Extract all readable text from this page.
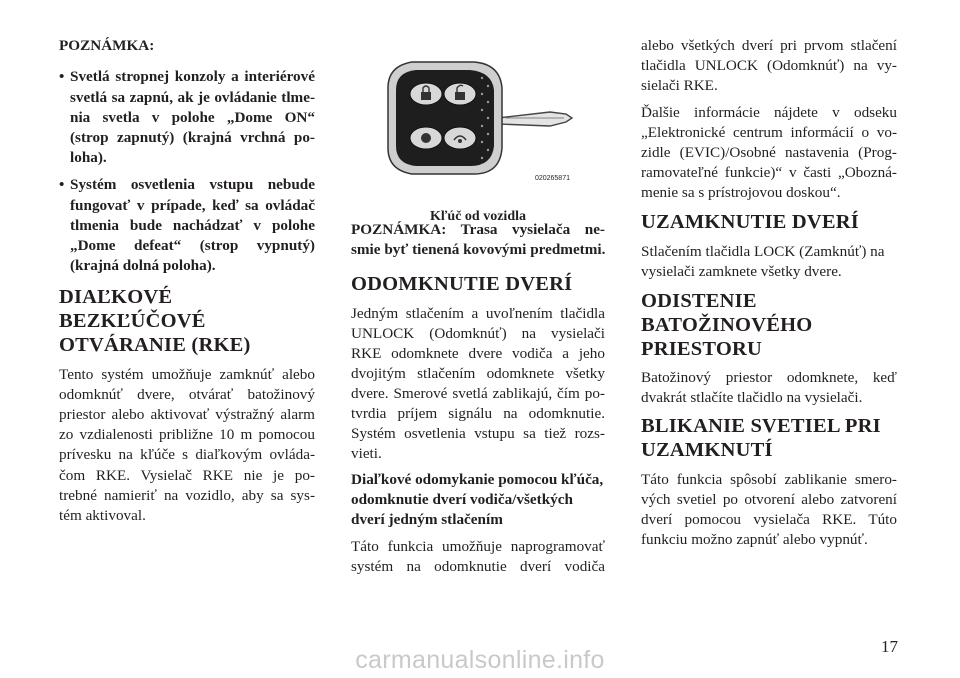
POZNÁMKA:

• Svetlá stropnej konzoly a interiérové

svetlá sa zapnú, ak je ovládanie tlme-

nia svetla v polohe „Dome ON“

(strop zapnutý) (krajná vrchná po-

loha).

• Systém osvetlenia vstupu nebude

fungovať v prípade, keď sa ovládač

tlmenia bude nachádzať v polohe

„Dome defeat“ (strop vypnutý)

(krajná dolná poloha).

DIAĽKOVÉ

BEZKĽÚČOVÉ

OTVÁRANIE (RKE)

Tento systém umožňuje zamknúť alebo

odomknúť dvere, otvárať batožinový

priestor alebo aktivovať výstražný alarm

zo vzdialenosti približne 10 m pomocou

prívesku na kľúče s diaľkovým ovláda-

čom RKE. Vysielač RKE nie je po-

trebné namieriť na vozidlo, aby sa sys-

tém aktivoval.

020265871

Kľúč od vozidla

POZNÁMKA: Trasa vysielača ne-

smie byť tienená kovovými predmetmi.

ODOMKNUTIE DVERÍ

Jedným stlačením a uvoľnením tlačidla

UNLOCK (Odomknúť) na vysielači

RKE odomknete dvere vodiča a jeho

dvojitým stlačením odomknete všetky

dvere. Smerové svetlá zablikajú, čím po-

tvrdia príjem signálu na odomknutie.

Systém osvetlenia vstupu sa tiež rozs-

vieti.

Diaľkové odomykanie pomocou kľúča,

odomknutie dverí vodiča/všetkých

dverí jedným stlačením

Táto funkcia umožňuje naprogramovať

systém na odomknutie dverí vodiča

alebo všetkých dverí pri prvom stlačení

tlačidla UNLOCK (Odomknúť) na vy-

sielači RKE.

Ďalšie informácie nájdete v odseku

„Elektronické centrum informácií o vo-

zidle (EVIC)/Osobné nastavenia (Prog-

ramovateľné funkcie)“ v časti „Obozná-

menie sa s prístrojovou doskou“.

UZAMKNUTIE DVERÍ

Stlačením tlačidla LOCK (Zamknúť) na

vysielači zamknete všetky dvere.

ODISTENIE

BATOŽINOVÉHO

PRIESTORU

Batožinový priestor odomknete, keď

dvakrát stlačíte tlačidlo na vysielači.

BLIKANIE SVETIEL PRI

UZAMKNUTÍ

Táto funkcia spôsobí zablikanie smero-

vých svetiel po otvorení alebo zatvorení

dverí pomocou vysielača RKE. Túto

funkciu možno zapnúť alebo vypnúť.

17

carmanualsonline.info
